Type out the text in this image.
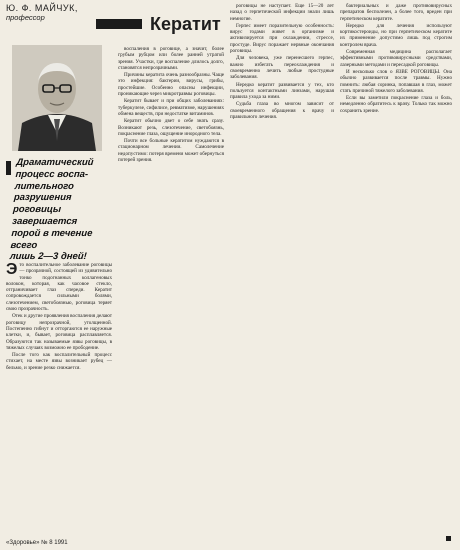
Ю. Ф. МАЙЧУК,
профессор	Кератит
Драматический
процесс воспа-
лительного разрушения
роговицы завершается
порой в течение всего
лишь 2—3 дней!

Это воспалительное заболевание роговицы — прозрачной, состоящей из удивительно тонко подогнанных коллагеновых волокон, которая, как часовое стекло, отграничивает глаз спереди. Кератит сопровождается сильными болями, слезотечением, светобоязнью, роговица теряет свою прозрачность.

Отек и другие проявления воспаления делают роговицу непрозрачной, утолщенной. Постепенно гибнут и отторгаются ее наружные клетки, и, бывает, роговица расплавляется. Образуются так называемые язвы роговицы, в тяжелых случаях возможно ее прободение.

После того как воспалительный процесс стихает, на месте язвы возникает рубец — бельмо, и зрение резко снижается.

воспаления в роговице, а значит, более грубым рубцом или более ранней утратой зрения. Участки, где воспаление длилось долго, становятся непрозрачными.

Причины кератита очень разнообразны. Чаще это инфекция: бактерии, вирусы, грибы, простейшие. Особенно опасны инфекции, проникающие через микротравмы роговицы.

Кератит бывает и при общих заболеваниях: туберкулезе, сифилисе, ревматизме, нарушениях обмена веществ, при недостатке витаминов.

Кератит обычно двет о себе знать сразу. Возникают резь, слезотечение, светобоязнь, покраснение глаза, ощущение инородного тела.

Почти все больные кератитом нуждаются в стационарном лечении. Самолечение недопустимо: потеря времени может обернуться потерей зрения.

роговицы не наступает. Еще 15—20 лет назад о герпетической инфекции знали лишь немногие.

Герпес имеет поразительную особенность: вирус годами живет в организме и активизируется при охлаждении, стрессе, простуде. Вирус поражает нервные окончания роговицы.

Для человека, уже перенесшего герпес, важно избегать переохлаждения и своевременно лечить любые простудные заболевания.

Нередко кератит развивается у тех, кто пользуется контактными линзами, нарушая правила ухода за ними.

Судьба глаза во многом зависит от своевременного обращения к врачу и правильного лечения.

бактериальных и даже противовирусных препаратов бесполезен, а более того, вреден при герпетическом кератите.

Нередко для лечения используют кортикостероиды, но при герпетическом кератите их применение допустимо лишь под строгим контролем врача.

Современная медицина располагает эффективными противовирусными средствами, лазерными методами и пересадкой роговицы.

И несколько слов о ЯЗВЕ РОГОВИЦЫ. Она обычно развивается после травмы. Нужно помнить: любая соринка, попавшая в глаз, может стать причиной тяжелого заболевания.

Если вы заметили покраснение глаза и боль, немедленно обратитесь к врачу. Только так можно сохранить зрение.

«Здоровье» № 8 1991
